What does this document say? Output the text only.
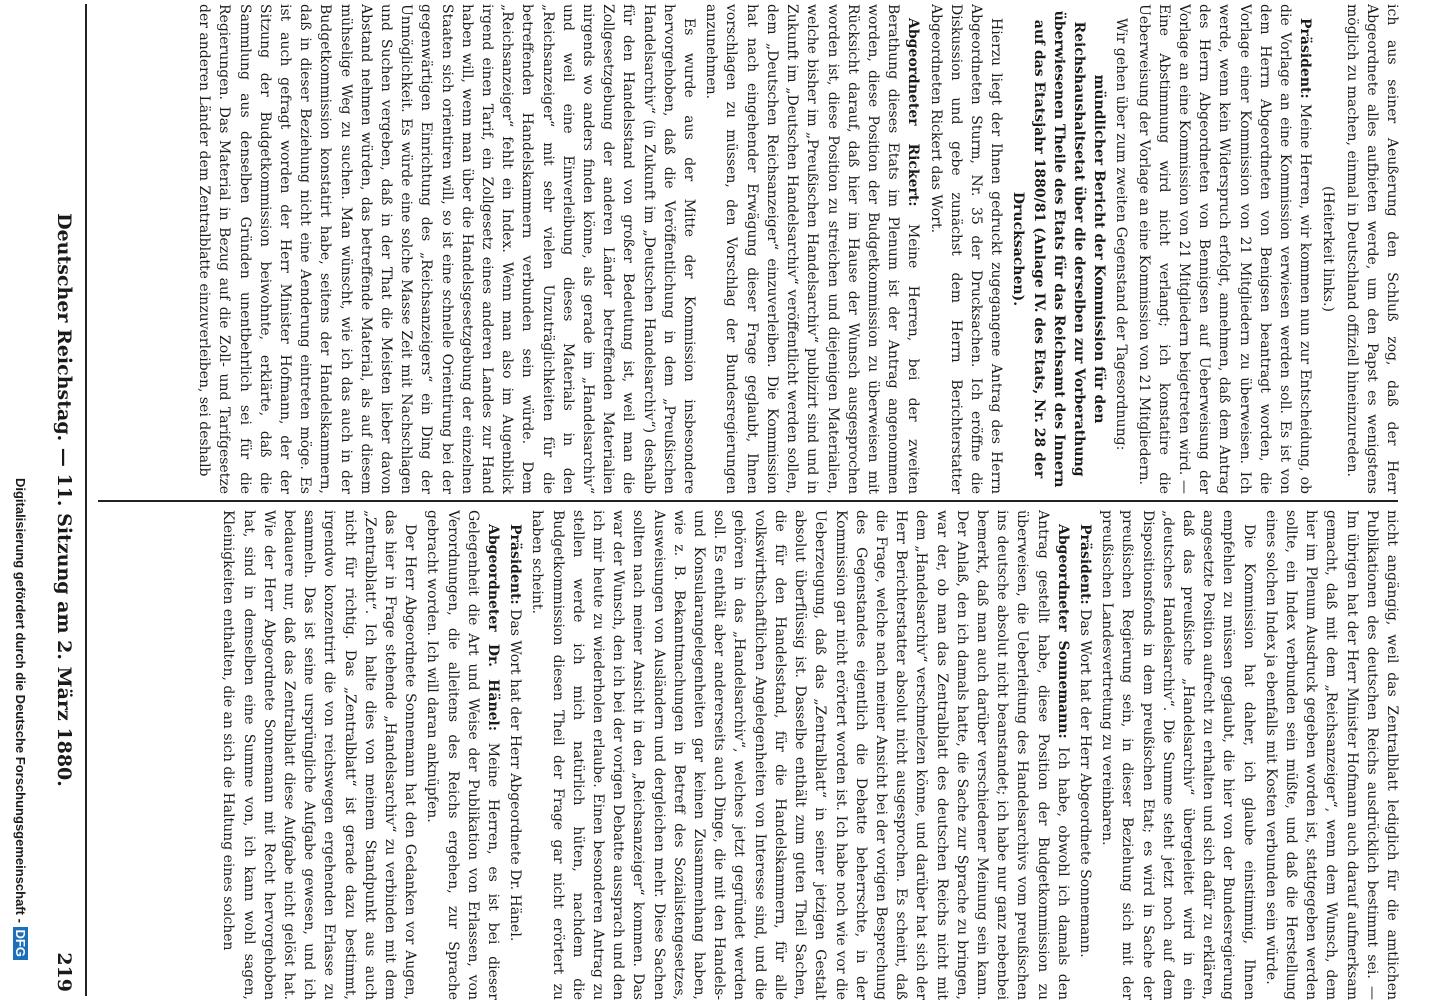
Deutscher Reichstag. — 11. Sitzung am 2. März 1880.
219

ich aus seiner Aeußerung den Schluß zog, daß der Herr Abgeordnete alles aufbieten werde, um den Papst es wenigstens möglich zu machen, einmal in Deutschland offiziell hineinzureden.

(Heiterkeit links.)

Präsident: Meine Herren, wir kommen nun zur Entscheidung, ob die Vorlage an eine Kommission verwiesen werden soll. Es ist von dem Herrn Abgeordneten von Benigsen beantragt worden, die Vorlage einer Kommission von 21 Mitgliedern zu überweisen. Ich werde, wenn kein Widerspruch erfolgt, annehmen, daß dem Antrag des Herrn Abgeordneten von Bennigsen auf Ueberweisung der Vorlage an eine Kommission von 21 Mitgliedern beigetreten wird. — Eine Abstimmung wird nicht verlangt; ich konstatire die Ueberweisung der Vorlage an eine Kommission von 21 Mitgliedern.

Wir gehen über zum zweiten Gegenstand der Tagesordnung:

mündlicher Bericht der Kommission für den Reichshaushaltsetat über die derselben zur Vorberathung überwiesenen Theile des Etats für das Reichsamt des Innern auf das Etatsjahr 1880/81 (Anlage IV. des Etats, Nr. 28 der Drucksachen).

Hierzu liegt der Ihnen gedruckt zugegangene Antrag des Herrn Abgeordneten Sturm, Nr. 35 der Drucksachen. Ich eröffne die Diskussion und gebe zunächst dem Herrn Berichterstatter Abgeordneten Rickert das Wort.

Abgeordneter Rickert: Meine Herren, bei der zweiten Berathung dieses Etats im Plenum ist der Antrag angenommen worden, diese Position der Budgetkommission zu überweisen mit Rücksicht darauf, daß hier im Hause der Wunsch ausgesprochen worden ist, diese Position zu streichen und diejenigen Materialien, welche bisher im „Preußischen Handelsarchiv“ publizirt sind und in Zukunft im „Deutschen Handelsarchiv“ veröffentlicht werden sollen, dem „Deutschen Reichsanzeiger“ einzuverleiben. Die Kommission hat nach eingehender Erwägung dieser Frage geglaubt, Ihnen vorschlagen zu müssen, den Vorschlag der Bundesregierungen anzunehmen.

Es wurde aus der Mitte der Kommission insbesondere hervorgehoben, daß die Veröffentlichung in dem „Preußischen Handelsarchiv“ (in Zukunft im „Deutschen Handelsarchiv“) deshalb für den Handelsstand von großer Bedeutung ist, weil man die Zollgesetzgebung der anderen Länder betreffenden Materialien nirgends wo anders finden könne, als gerade im „Handelsarchiv“ und weil eine Einverleibung dieses Materials in den „Reichsanzeiger“ mit sehr vielen Unzuträglichkeiten für die betreffenden Handelskammern verbunden sein würde. Dem „Reichsanzeiger“ fehlt ein Index. Wenn man also im Augenblick irgend einen Tarif, ein Zollgesetz eines anderen Landes zur Hand haben will, wenn man über die Handelsgesetzgebung der einzelnen Staaten sich orientiren will, so ist eine schnelle Orientirung bei der gegenwärtigen Einrichtung des „Reichsanzeigers“ ein Ding der Unmöglichkeit. Es würde eine solche Masse Zeit mit Nachschlagen und Suchen vergeben, daß in der That die Meisten lieber davon Abstand nehmen würden, das betreffende Material, als auf diesem mühselige Weg zu suchen. Man wünscht, wie ich das auch in der Budgetkommission konstatirt habe, seitens der Handelskammern, daß in dieser Beziehung nicht eine Aenderung eintreten möge. Es ist auch gefragt worden der Herr Minister Hofmann, der der Sitzung der Budgetkommission beiwohnte, erklärte, daß die Sammlung aus denselben Gründen unentbehrlich sei für die Regierungen. Das Material in Bezug auf die Zoll- und Tarifgesetze der anderen Länder dem Zentralblatte einzuverleiben, sei deshalb

nicht angängig, weil das Zentralblatt lediglich für die amtlichen Publikationen des deutschen Reichs ausdrücklich bestimmt sei. — Im übrigen hat der Herr Minister Hofmann auch darauf aufmerksam gemacht, daß mit dem „Reichsanzeiger“, wenn dem Wunsch, dem hier im Plenum Ausdruck gegeben worden ist, stattgegeben werden sollte, ein Index verbunden sein müßte, und daß die Herstellung eines solchen Index ja ebenfalls mit Kosten verbunden sein würde.

Die Kommission hat daher, ich glaube einstimmig, Ihnen empfehlen zu müssen geglaubt, die hier von der Bundesregierung angesetzte Position aufrecht zu erhalten und sich dafür zu erklären, daß das preußische „Handelsarchiv“ übergeleitet wird in ein „deutsches Handelsarchiv“. Die Summe steht jetzt noch auf dem Dispositionsfonds in dem preußischen Etat; es wird in Sache der preußischen Regierung sein, in dieser Beziehung sich mit der preußischen Landesvertretung zu vereinbaren.

Präsident: Das Wort hat der Herr Abgeordnete Sonnemann.

Abgeordneter Sonnemann: Ich habe, obwohl ich damals den Antrag gestellt habe, diese Position der Budgetkommission zu überweisen, die Ueberleitung des Handelsarchivs vom preußischen ins deutsche absolut nicht beanstandet; ich habe nur ganz nebenbei bemerkt, daß man auch darüber verschiedener Meinung sein kann. Der Anlaß, den ich damals hatte, die Sache zur Sprache zu bringen, war der, ob man das Zentralblatt des deutschen Reichs nicht mit dem „Handelsarchiv“ verschmelzen könne, und darüber hat sich der Herr Berichterstatter absolut nicht ausgesprochen. Es scheint, daß die Frage, welche nach meiner Ansicht bei der vorigen Besprechung des Gegenstandes eigentlich die Debatte beherrschte, in der Kommission gar nicht erörtert worden ist. Ich habe noch wie vor die Ueberzeugung, daß das „Zentralblatt“ in seiner jetzigen Gestalt absolut überflüssig ist. Dasselbe enthält zum guten Theil Sachen, die für den Handelsstand, für die Handelskammern, für alle volkswirthschaftlichen Angelegenheiten von Interesse sind, und die gehören in das „Handelsarchiv“, welches jetzt gegründet werden soll. Es enthält aber andererseits auch Dinge, die mit den Handels- und Konsularangelegenheiten gar keinen Zusammenhang haben, wie z. B. Bekanntmachungen in Betreff des Sozialistengesetzes, Ausweisungen von Ausländern und dergleichen mehr. Diese Sachen sollten nach meiner Ansicht in den „Reichsanzeiger“ kommen. Das war der Wunsch, den ich bei der vorigen Debatte aussprach und den ich mir heute zu wiederholen erlaube. Einen besonderen Antrag zu stellen werde ich mich natürlich hüten, nachdem die Budgetkommission diesen Theil der Frage gar nicht erörtert zu haben scheint.

Präsident: Das Wort hat der Herr Abgeordnete Dr. Hänel.

Abgeordneter Dr. Hänel: Meine Herren, es ist bei dieser Gelegenheit die Art und Weise der Publikation von Erlassen, von Verordnungen, die alleitens des Reichs ergehen, zur Sprache gebracht worden. Ich will daran anknüpfen.

Der Herr Abgeordnete Sonnemann hat den Gedanken vor Augen, das hier in Frage stehende „Handelsarchiv“ zu verbinden mit dem „Zentralblatt“. Ich halte dies von meinem Standpunkt aus auch nicht für richtig. Das „Zentralblatt“ ist gerade dazu bestimmt, irgendwo konzentrirt die von reichswegen ergehenden Erlasse zu sammeln. Das ist seine ursprüngliche Aufgabe gewesen, und ich bedauere nur, daß das Zentralblatt diese Aufgabe nicht gelöst hat. Wie der Herr Abgeordnete Sonnemann mit Recht hervorgehoben hat, sind in demselben eine Summe von, ich kann wohl sagen, Kleinigkeiten enthalten, die an sich die Haltung eines solchen

Digitalisierung gefördert durch die Deutsche Forschungsgemeinschaft - DFG
